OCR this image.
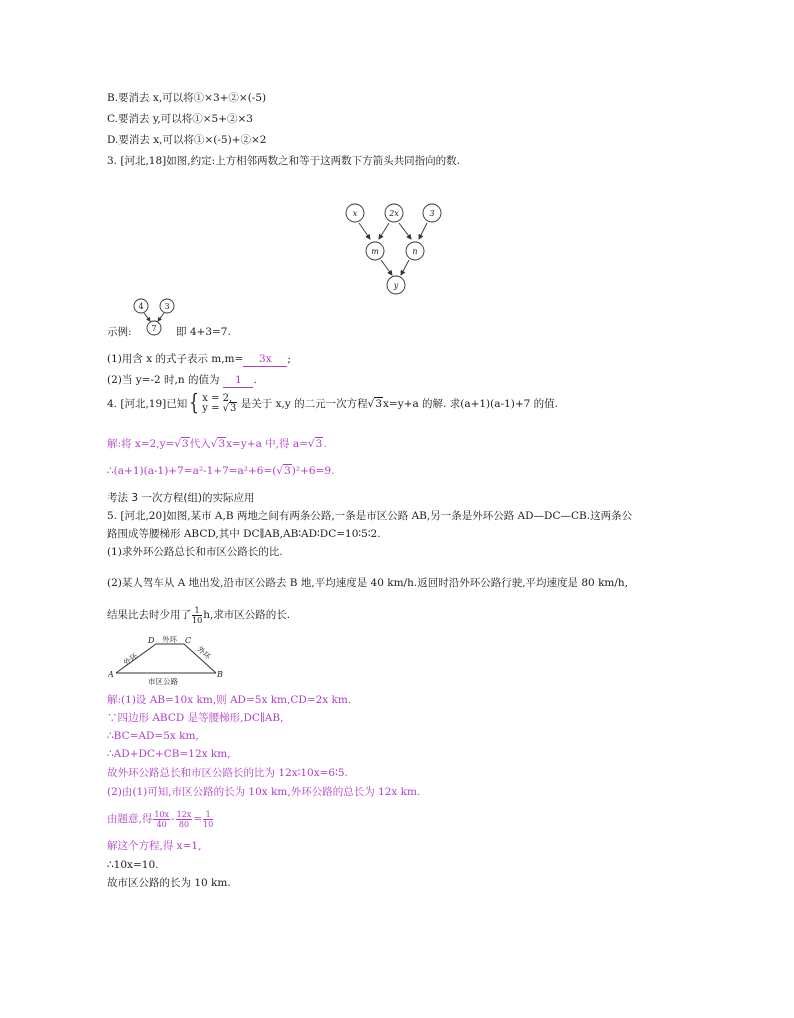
B.要消去 x,可以将①×3+②×(-5)
C.要消去 y,可以将①×5+②×3
D.要消去 x,可以将①×(-5)+②×2
3. [河北,18]如图,约定:上方相邻两数之和等于这两数下方箭头共同指向的数.
x	2x	3
m	n
y
4	3
7
示例:	即 4+3=7.
(1)用含 x 的式子表示 m,m= 3x ;
(2)当 y=-2 时,n 的值为 1 .
4. [河北,19]已知 { x = 2,
y = √3 是关于 x,y 的二元一次方程√3x=y+a 的解. 求(a+1)(a-1)+7 的值.
解:将 x=2,y=√3代入√3x=y+a 中,得 a=√3.
∴(a+1)(a-1)+7=a²-1+7=a²+6=(√3)²+6=9.
考法 3 一次方程(组)的实际应用
5. [河北,20]如图,某市 A,B 两地之间有两条公路,一条是市区公路 AB,另一条是外环公路 AD—DC—CB.这两条公
路围成等腰梯形 ABCD,其中 DC∥AB,AB∶AD∶DC=10∶5∶2.
(1)求外环公路总长和市区公路长的比.
(2)某人驾车从 A 地出发,沿市区公路去 B 地,平均速度是 40 km/h.返回时沿外环公路行驶,平均速度是 80 km/h,
结果比去时少用了 $\frac{1}{10} h$,求市区公路的长.
A	B
C
D
外环
外环
外环
市区公路
解:(1)设 AB=10x km,则 AD=5x km,CD=2x km.
∵四边形 ABCD 是等腰梯形,DC∥AB,
∴BC=AD=5x km,
∴AD+DC+CB=12x km,
故外环公路总长和市区公路长的比为 12x∶10x=6∶5.
(2)由(1)可知,市区公路的长为 10x km,外环公路的总长为 12x km.
由题意,得 $\frac{10x}{40} - \frac{12x}{80} = \frac{1}{10}$
解这个方程,得 x=1,
∴10x=10.
故市区公路的长为 10 km.
